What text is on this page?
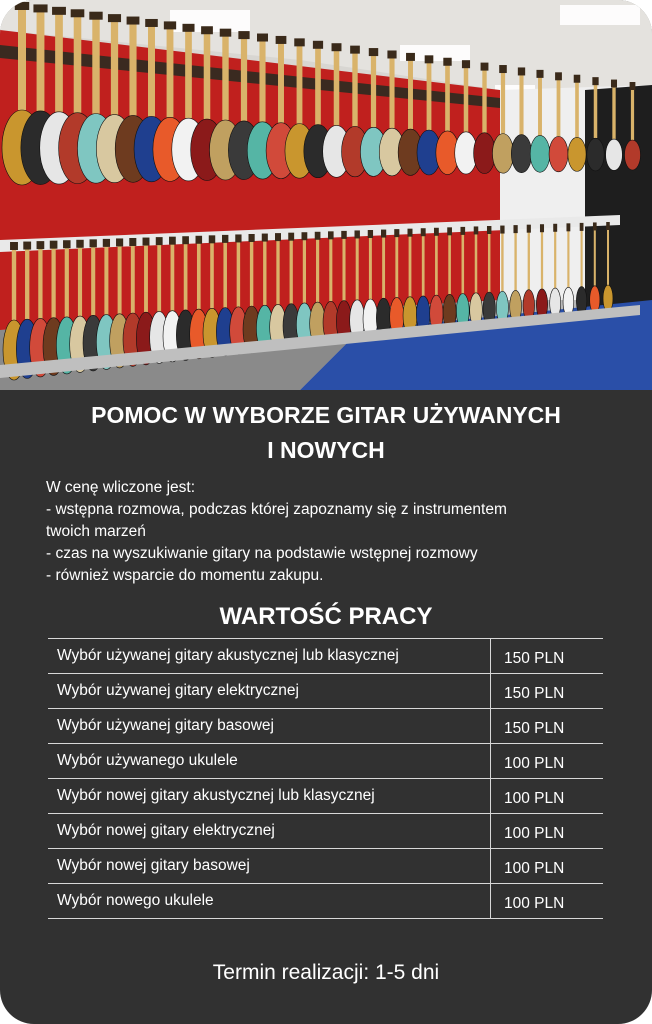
POMOC W WYBORZE GITAR UŻYWANYCH
I NOWYCH
W cenę wliczone jest:
- wstępna rozmowa, podczas której zapoznamy się z instrumentem
twoich marzeń
- czas na wyszukiwanie gitary na podstawie wstępnej rozmowy
- również wsparcie do momentu zakupu.
WARTOŚĆ PRACY
Wybór używanej gitary akustycznej lub klasycznej	150 PLN
Wybór używanej gitary elektrycznej	150 PLN
Wybór używanej gitary basowej	150 PLN
Wybór używanego ukulele	100 PLN
Wybór nowej gitary akustycznej lub klasycznej	100 PLN
Wybór nowej gitary elektrycznej	100 PLN
Wybór nowej gitary basowej	100 PLN
Wybór nowego ukulele	100 PLN
Termin realizacji: 1-5 dni
